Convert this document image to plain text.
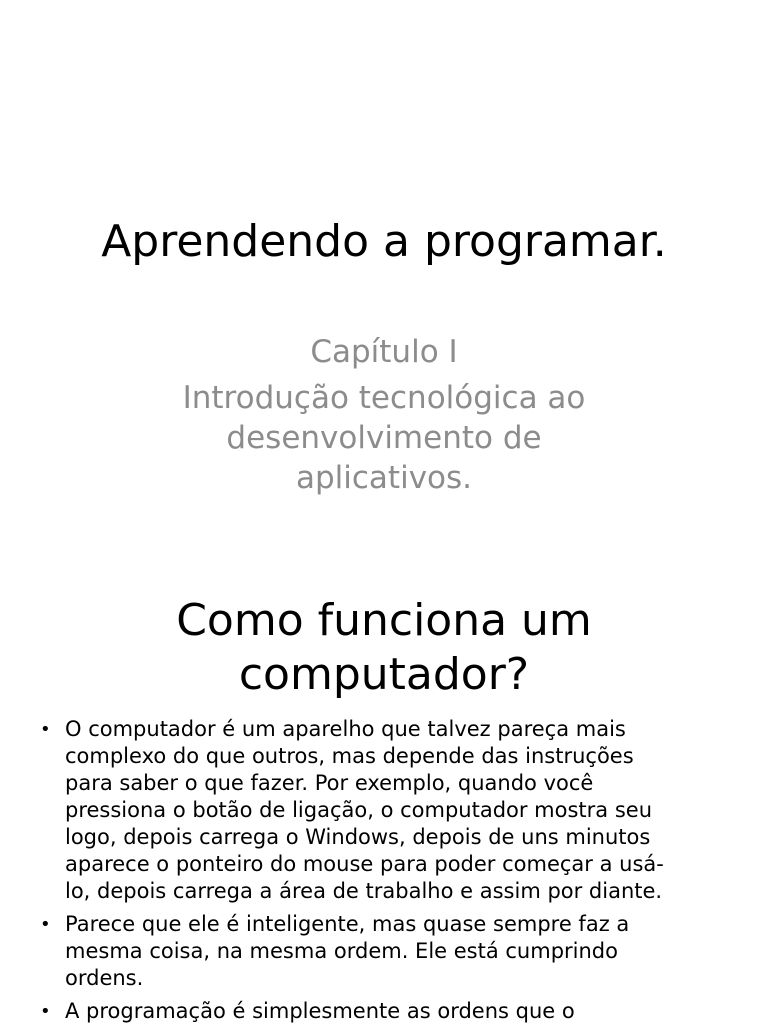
Aprendendo a programar.
Capítulo I
Introdução tecnológica ao
desenvolvimento de
aplicativos.
Como funciona um
computador?
• O computador é um aparelho que talvez pareça mais
complexo do que outros, mas depende das instruções
para saber o que fazer. Por exemplo, quando você
pressiona o botão de ligação, o computador mostra seu
logo, depois carrega o Windows, depois de uns minutos
aparece o ponteiro do mouse para poder começar a usá-
lo, depois carrega a área de trabalho e assim por diante.
• Parece que ele é inteligente, mas quase sempre faz a
mesma coisa, na mesma ordem. Ele está cumprindo
ordens.
• A programação é simplesmente as ordens que o
